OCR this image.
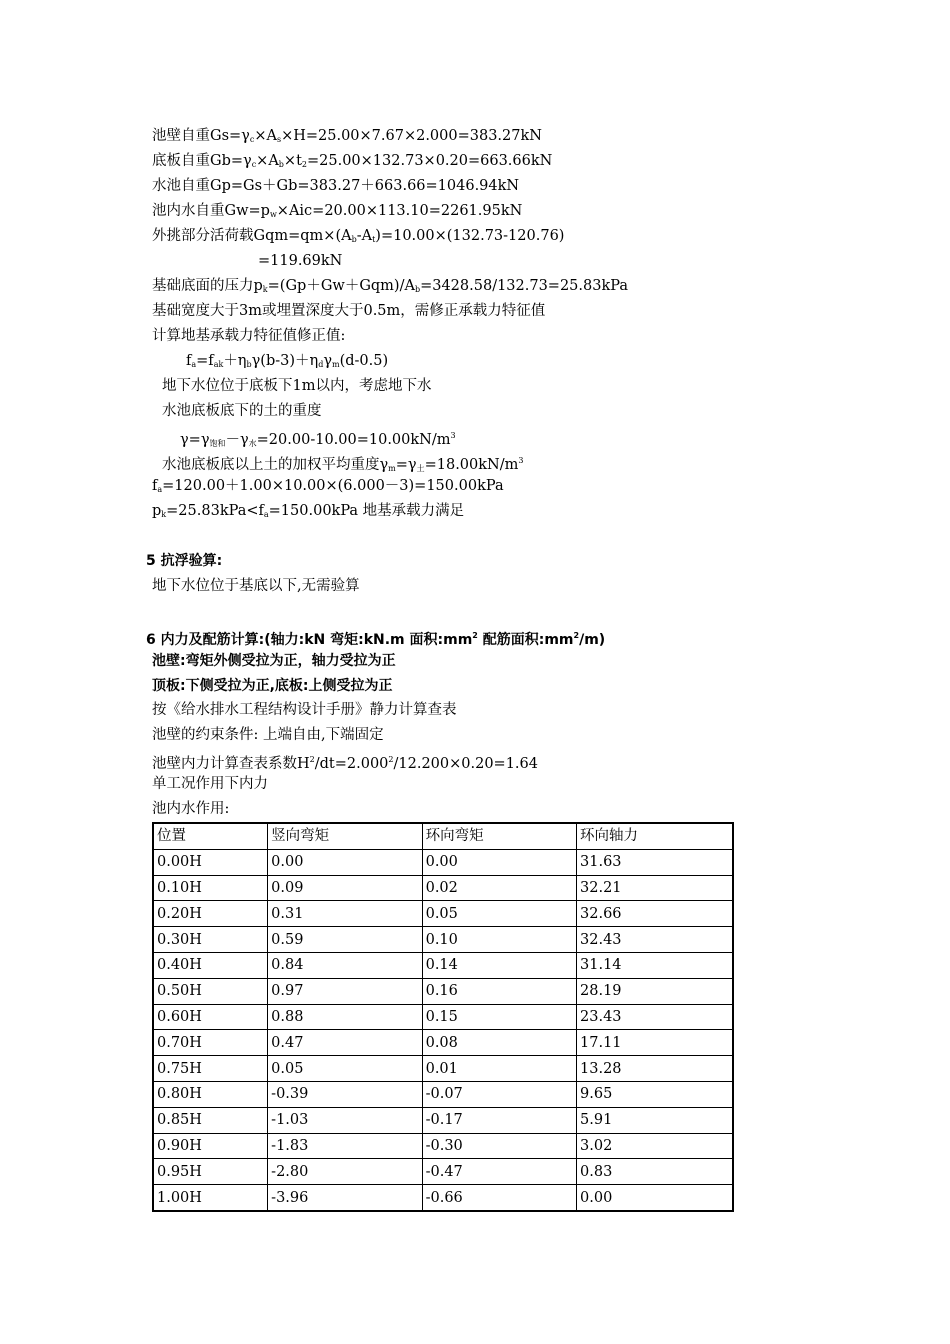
池壁自重$Gs=\gamma_c\times A_s\times H=25.00\times 7.67\times 2.000=383.27kN$
底板自重$Gb=\gamma_c\times A_b\times t_2=25.00\times 132.73\times 0.20=663.66kN$
水池自重Gp=Gs＋Gb=383.27＋663.66=1046.94kN
池内水自重$Gw=p_w\times Aic=20.00\times 113.10=2261.95kN$
外挑部分活荷载$Gqm=qm\times(A_b-A_t)=10.00\times(132.73-120.76)$
=119.69kN
基础底面的压力$p_k=(Gp+Gw+Gqm)/A_b=3428.58/132.73=25.83kPa$
基础宽度大于3m或埋置深度大于0.5m，需修正承载力特征值
计算地基承载力特征值修正值:
$f_a=f_{ak}+\eta_b\gamma(b-3)+\eta_d\gamma_m(d-0.5)$
地下水位位于底板下1m以内，考虑地下水
水池底板底下的土的重度
$\gamma=\gamma_{饱和}-\gamma_水=20.00-10.00=10.00kN/m^3$
水池底板底以上土的加权平均重度$\gamma_m=\gamma_土=18.00kN/m^3$
$f_a=120.00+1.00\times 10.00\times(6.000-3)=150.00kPa$
$p_k=25.83kPa<f_a=150.00kPa$ 地基承载力满足
5 抗浮验算:
地下水位位于基底以下,无需验算
6 内力及配筋计算:(轴力:kN 弯矩:kN.m 面积$:mm^2$ 配筋面积$:mm^2/m$)
池壁:弯矩外侧受拉为正，轴力受拉为正
顶板:下侧受拉为正,底板:上侧受拉为正
按《给水排水工程结构设计手册》静力计算查表
池壁的约束条件: 上端自由,下端固定
池壁内力计算查表系数$H^2/dt=2.000^2/12.200\times 0.20=1.64$
单工况作用下内力
池内水作用:
位置	竖向弯矩	环向弯矩	环向轴力
0.00H	0.00	0.00	31.63
0.10H	0.09	0.02	32.21
0.20H	0.31	0.05	32.66
0.30H	0.59	0.10	32.43
0.40H	0.84	0.14	31.14
0.50H	0.97	0.16	28.19
0.60H	0.88	0.15	23.43
0.70H	0.47	0.08	17.11
0.75H	0.05	0.01	13.28
0.80H	-0.39	-0.07	9.65
0.85H	-1.03	-0.17	5.91
0.90H	-1.83	-0.30	3.02
0.95H	-2.80	-0.47	0.83
1.00H	-3.96	-0.66	0.00
